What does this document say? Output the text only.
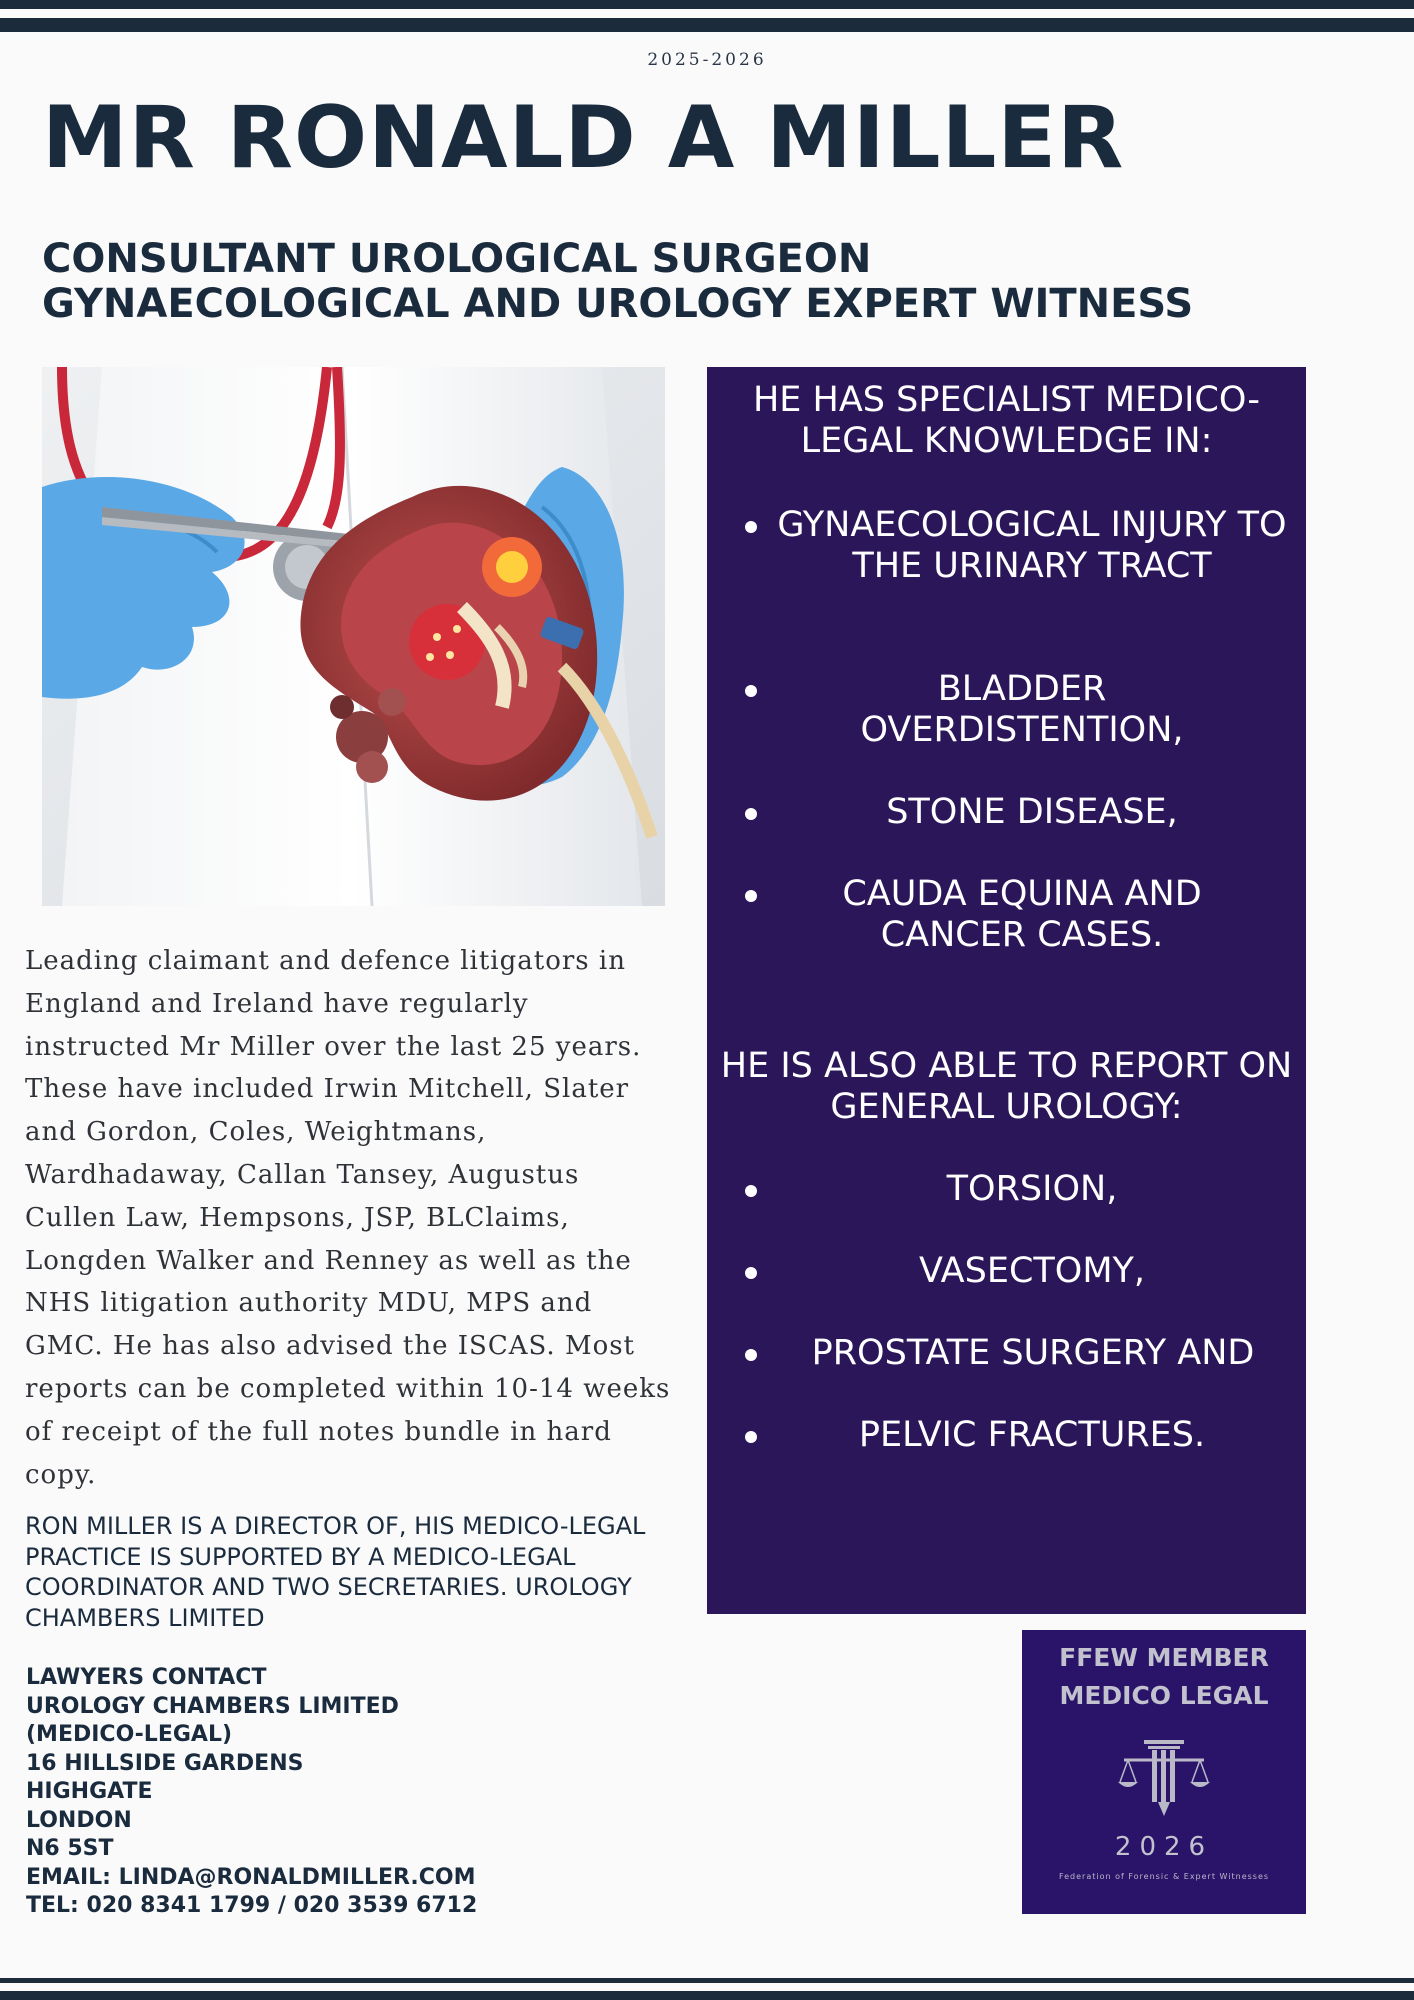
2025-2026
MR RONALD A MILLER
CONSULTANT UROLOGICAL SURGEON
GYNAECOLOGICAL AND UROLOGY EXPERT WITNESS

Leading claimant and defence litigators in England and Ireland have regularly instructed Mr Miller over the last 25 years. These have included Irwin Mitchell, Slater and Gordon, Coles, Weightmans, Wardhadaway, Callan Tansey, Augustus Cullen Law, Hempsons, JSP, BLClaims, Longden Walker and Renney as well as the NHS litigation authority MDU, MPS and GMC. He has also advised the ISCAS. Most reports can be completed within 10-14 weeks of receipt of the full notes bundle in hard copy.

RON MILLER IS A DIRECTOR OF, HIS MEDICO-LEGAL PRACTICE IS SUPPORTED BY A MEDICO-LEGAL COORDINATOR AND TWO SECRETARIES. UROLOGY CHAMBERS LIMITED

LAWYERS CONTACT
UROLOGY CHAMBERS LIMITED
(MEDICO-LEGAL)
16 HILLSIDE GARDENS
HIGHGATE
LONDON
N6 5ST
EMAIL: LINDA@RONALDMILLER.COM
TEL: 020 8341 1799 / 020 3539 6712
HE HAS SPECIALIST MEDICO-LEGAL KNOWLEDGE IN:
GYNAECOLOGICAL INJURY TO THE URINARY TRACT
BLADDER OVERDISTENTION,
STONE DISEASE,
CAUDA EQUINA AND CANCER CASES.
HE IS ALSO ABLE TO REPORT ON GENERAL UROLOGY:
TORSION,
VASECTOMY,
PROSTATE SURGERY AND
PELVIC FRACTURES.
FFEW MEMBER
MEDICO LEGAL
2026
Federation of Forensic & Expert Witnesses
